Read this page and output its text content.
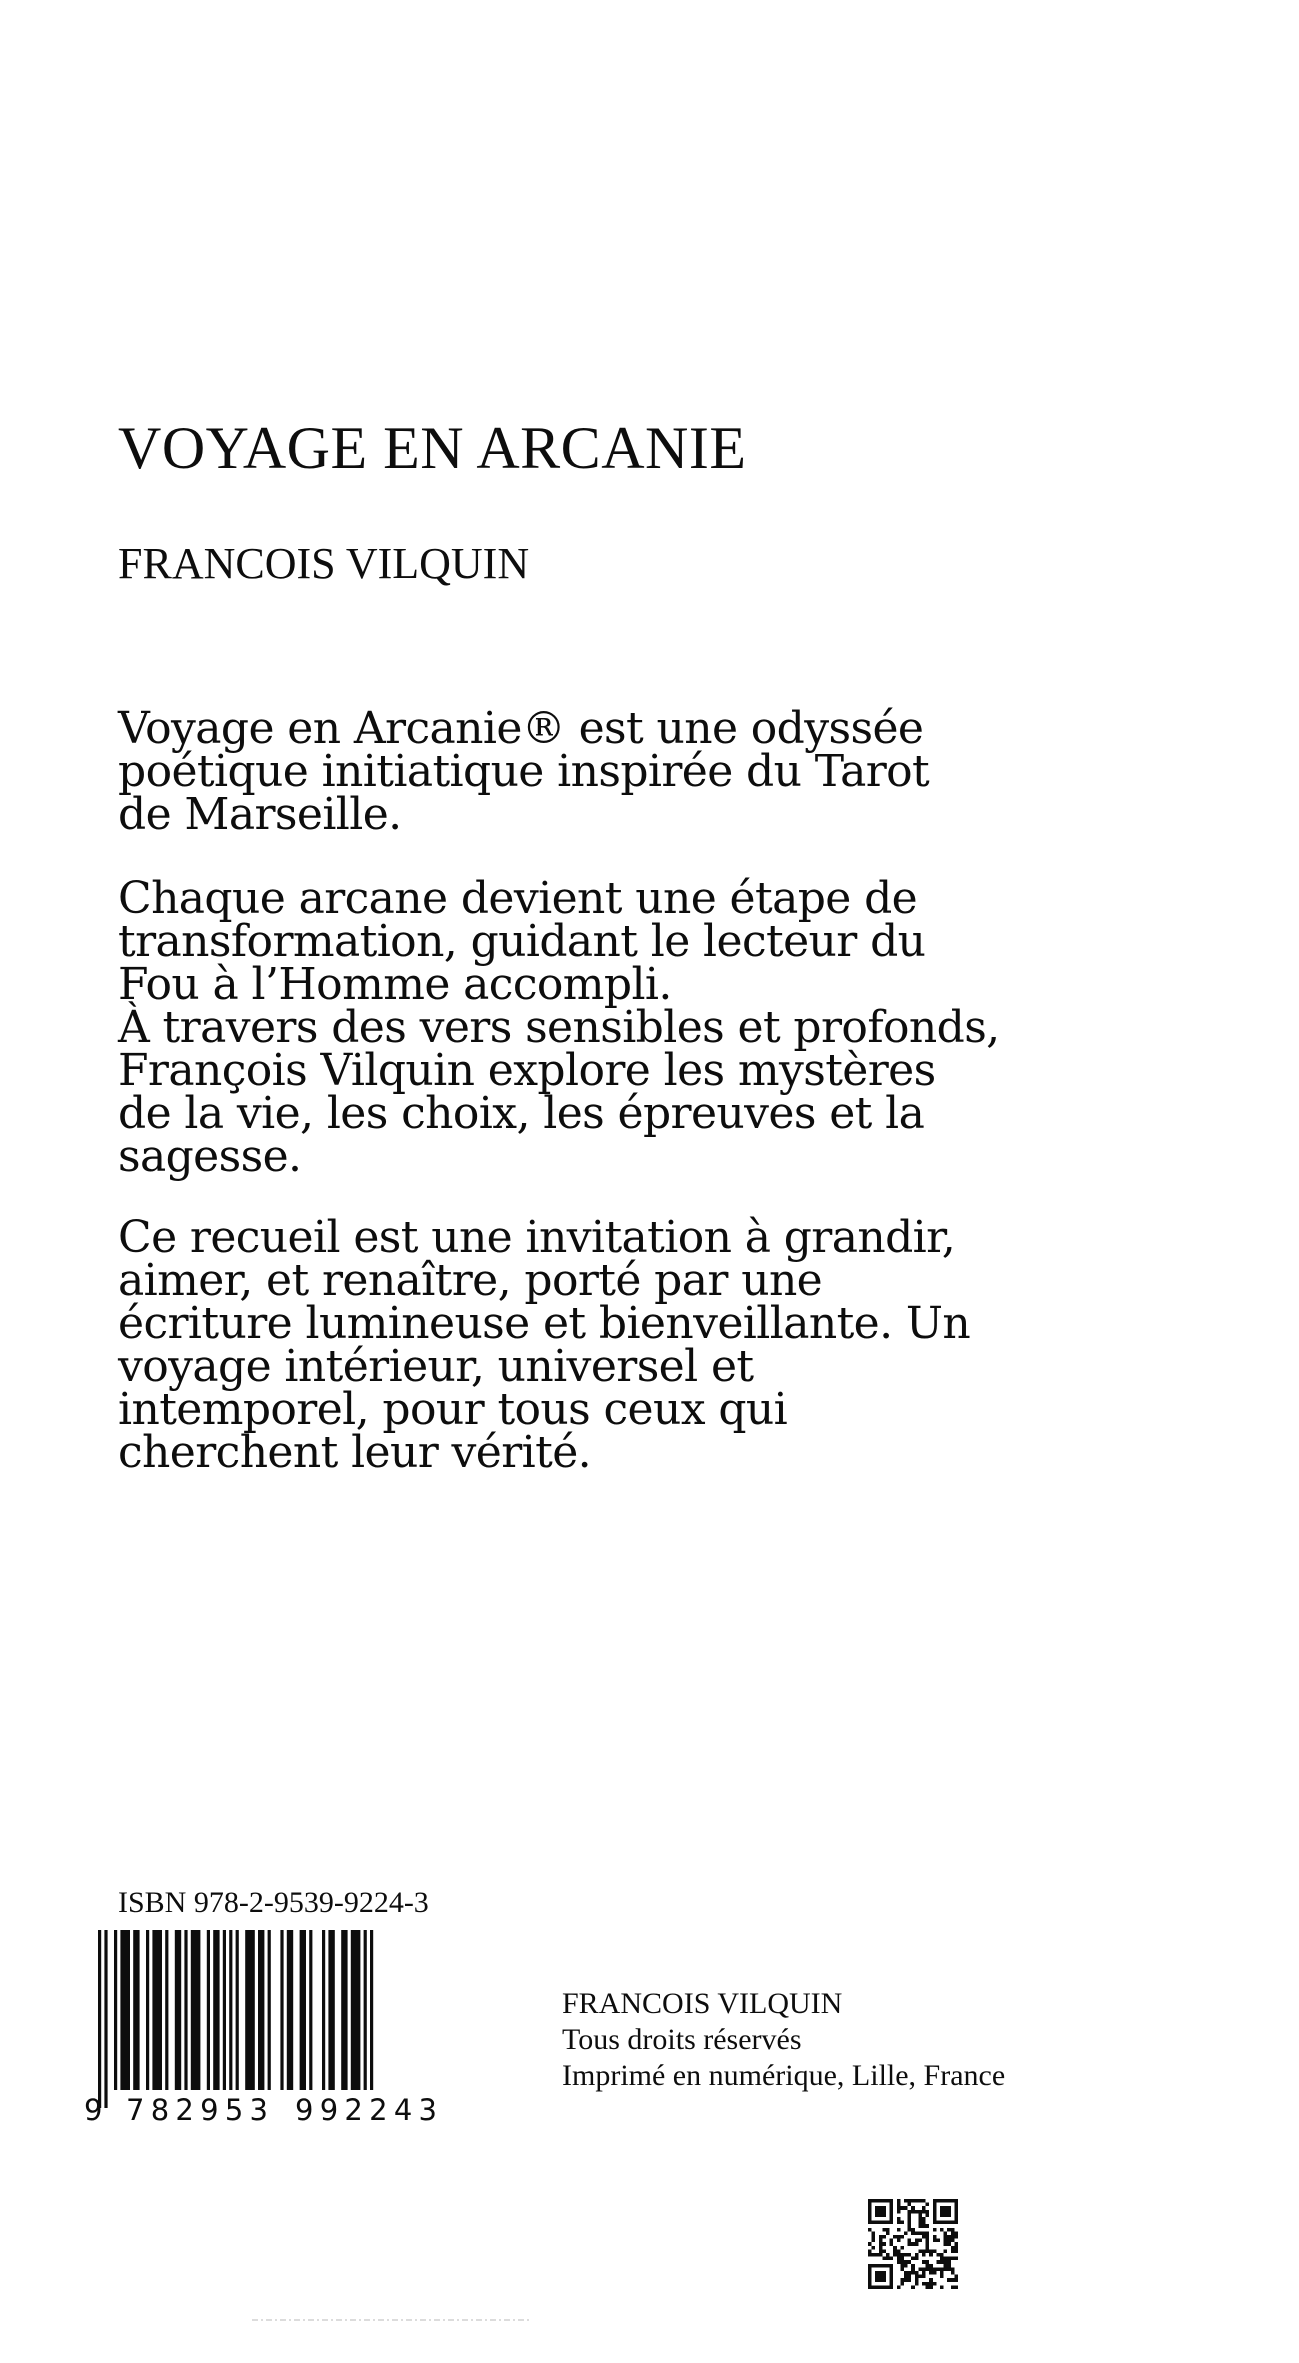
VOYAGE EN ARCANIE
FRANCOIS VILQUIN
Voyage en Arcanie® est une odyssée
poétique initiatique inspirée du Tarot
de Marseille.
Chaque arcane devient une étape de
transformation, guidant le lecteur du
Fou à l’Homme accompli.
À travers des vers sensibles et profonds,
François Vilquin explore les mystères
de la vie, les choix, les épreuves et la
sagesse.
Ce recueil est une invitation à grandir,
aimer, et renaître, porté par une
écriture lumineuse et bienveillante. Un
voyage intérieur, universel et
intemporel, pour tous ceux qui
cherchent leur vérité.
ISBN 978-2-9539-9224-3
9 782953 992243
FRANCOIS VILQUIN
Tous droits réservés
Imprimé en numérique, Lille, France
